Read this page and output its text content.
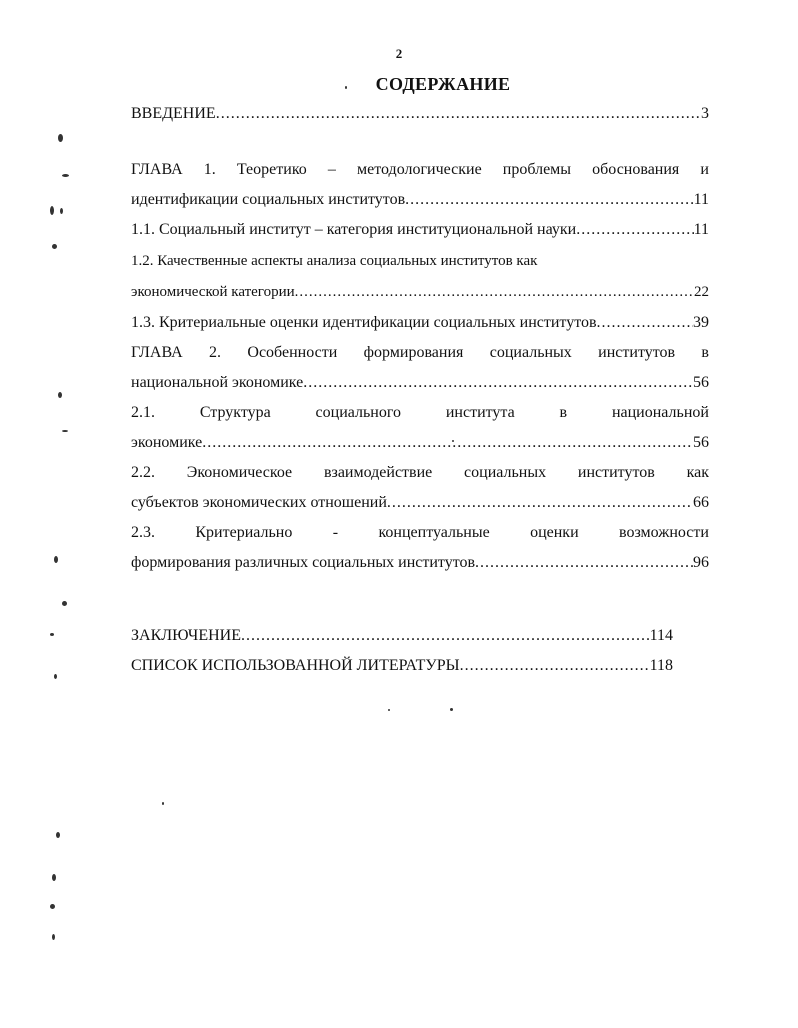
2
СОДЕРЖАНИЕ
ВВЕДЕНИЕ .....	3
ГЛАВА 1. Теоретико – методологические проблемы обоснования и
идентификации социальных институтов .....	11
1.1. Социальный институт – категория институциональной науки .....	11
1.2. Качественные аспекты анализа социальных институтов как
экономической категории .....	22
1.3. Критериальные оценки идентификации социальных институтов .....	39
ГЛАВА 2. Особенности формирования социальных институтов в
национальной экономике .....	56
2.1.	Структура	социального	института	в	национальной
экономике .....	56
2.2. Экономическое взаимодействие социальных институтов как
субъектов экономических отношений .....	66
2.3.	Критериально	-	концептуальные	оценки	возможности
формирования различных социальных институтов .....	96
ЗАКЛЮЧЕНИЕ .....	114
СПИСОК ИСПОЛЬЗОВАННОЙ ЛИТЕРАТУРЫ .....	118
